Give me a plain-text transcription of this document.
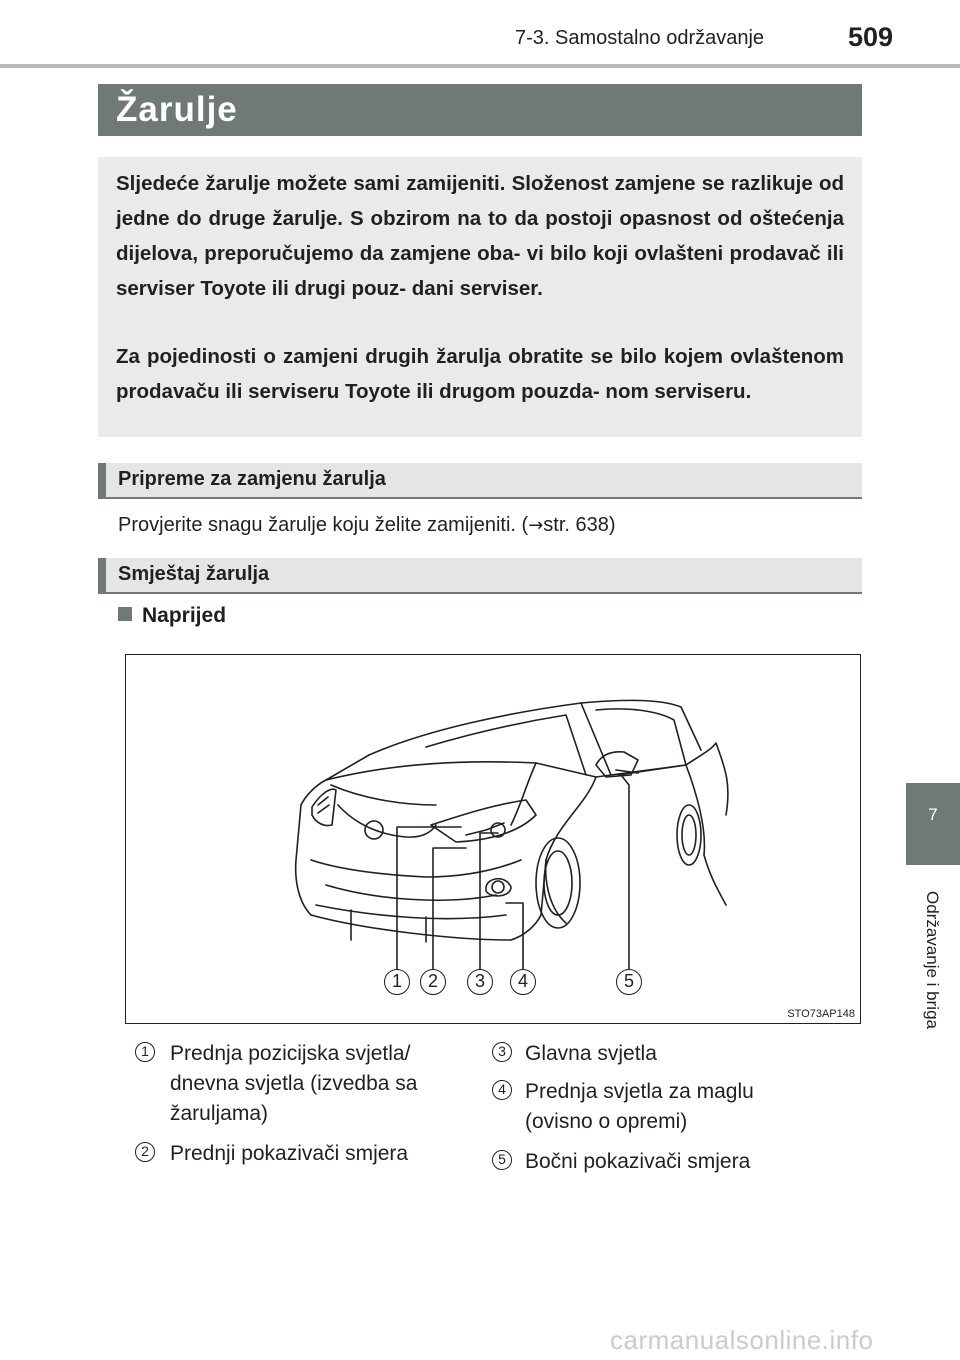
7-3. Samostalno održavanje	509
Žarulje

Sljedeće žarulje možete sami zamijeniti. Složenost zamjene se razlikuje od jedne do druge žarulje. S obzirom na to da postoji opasnost od oštećenja dijelova, preporučujemo da zamjene oba- vi bilo koji ovlašteni prodavač ili serviser Toyote ili drugi pouz- dani serviser.

Za pojedinosti o zamjeni drugih žarulja obratite se bilo kojem ovlaštenom prodavaču ili serviseru Toyote ili drugom pouzda- nom serviseru.

Pripreme za zamjenu žarulja
Provjerite snagu žarulje koju želite zamijeniti. (→str. 638)
Smještaj žarulja
Naprijed
1	2	3	4	5
STO73AP148
1 Prednja pozicijska svjetla/ dnevna svjetla (izvedba sa žaruljama)
2 Prednji pokazivači smjera
3 Glavna svjetla
4 Prednja svjetla za maglu (ovisno o opremi)
5 Bočni pokazivači smjera
7
Održavanje i briga
carmanualsonline.info
